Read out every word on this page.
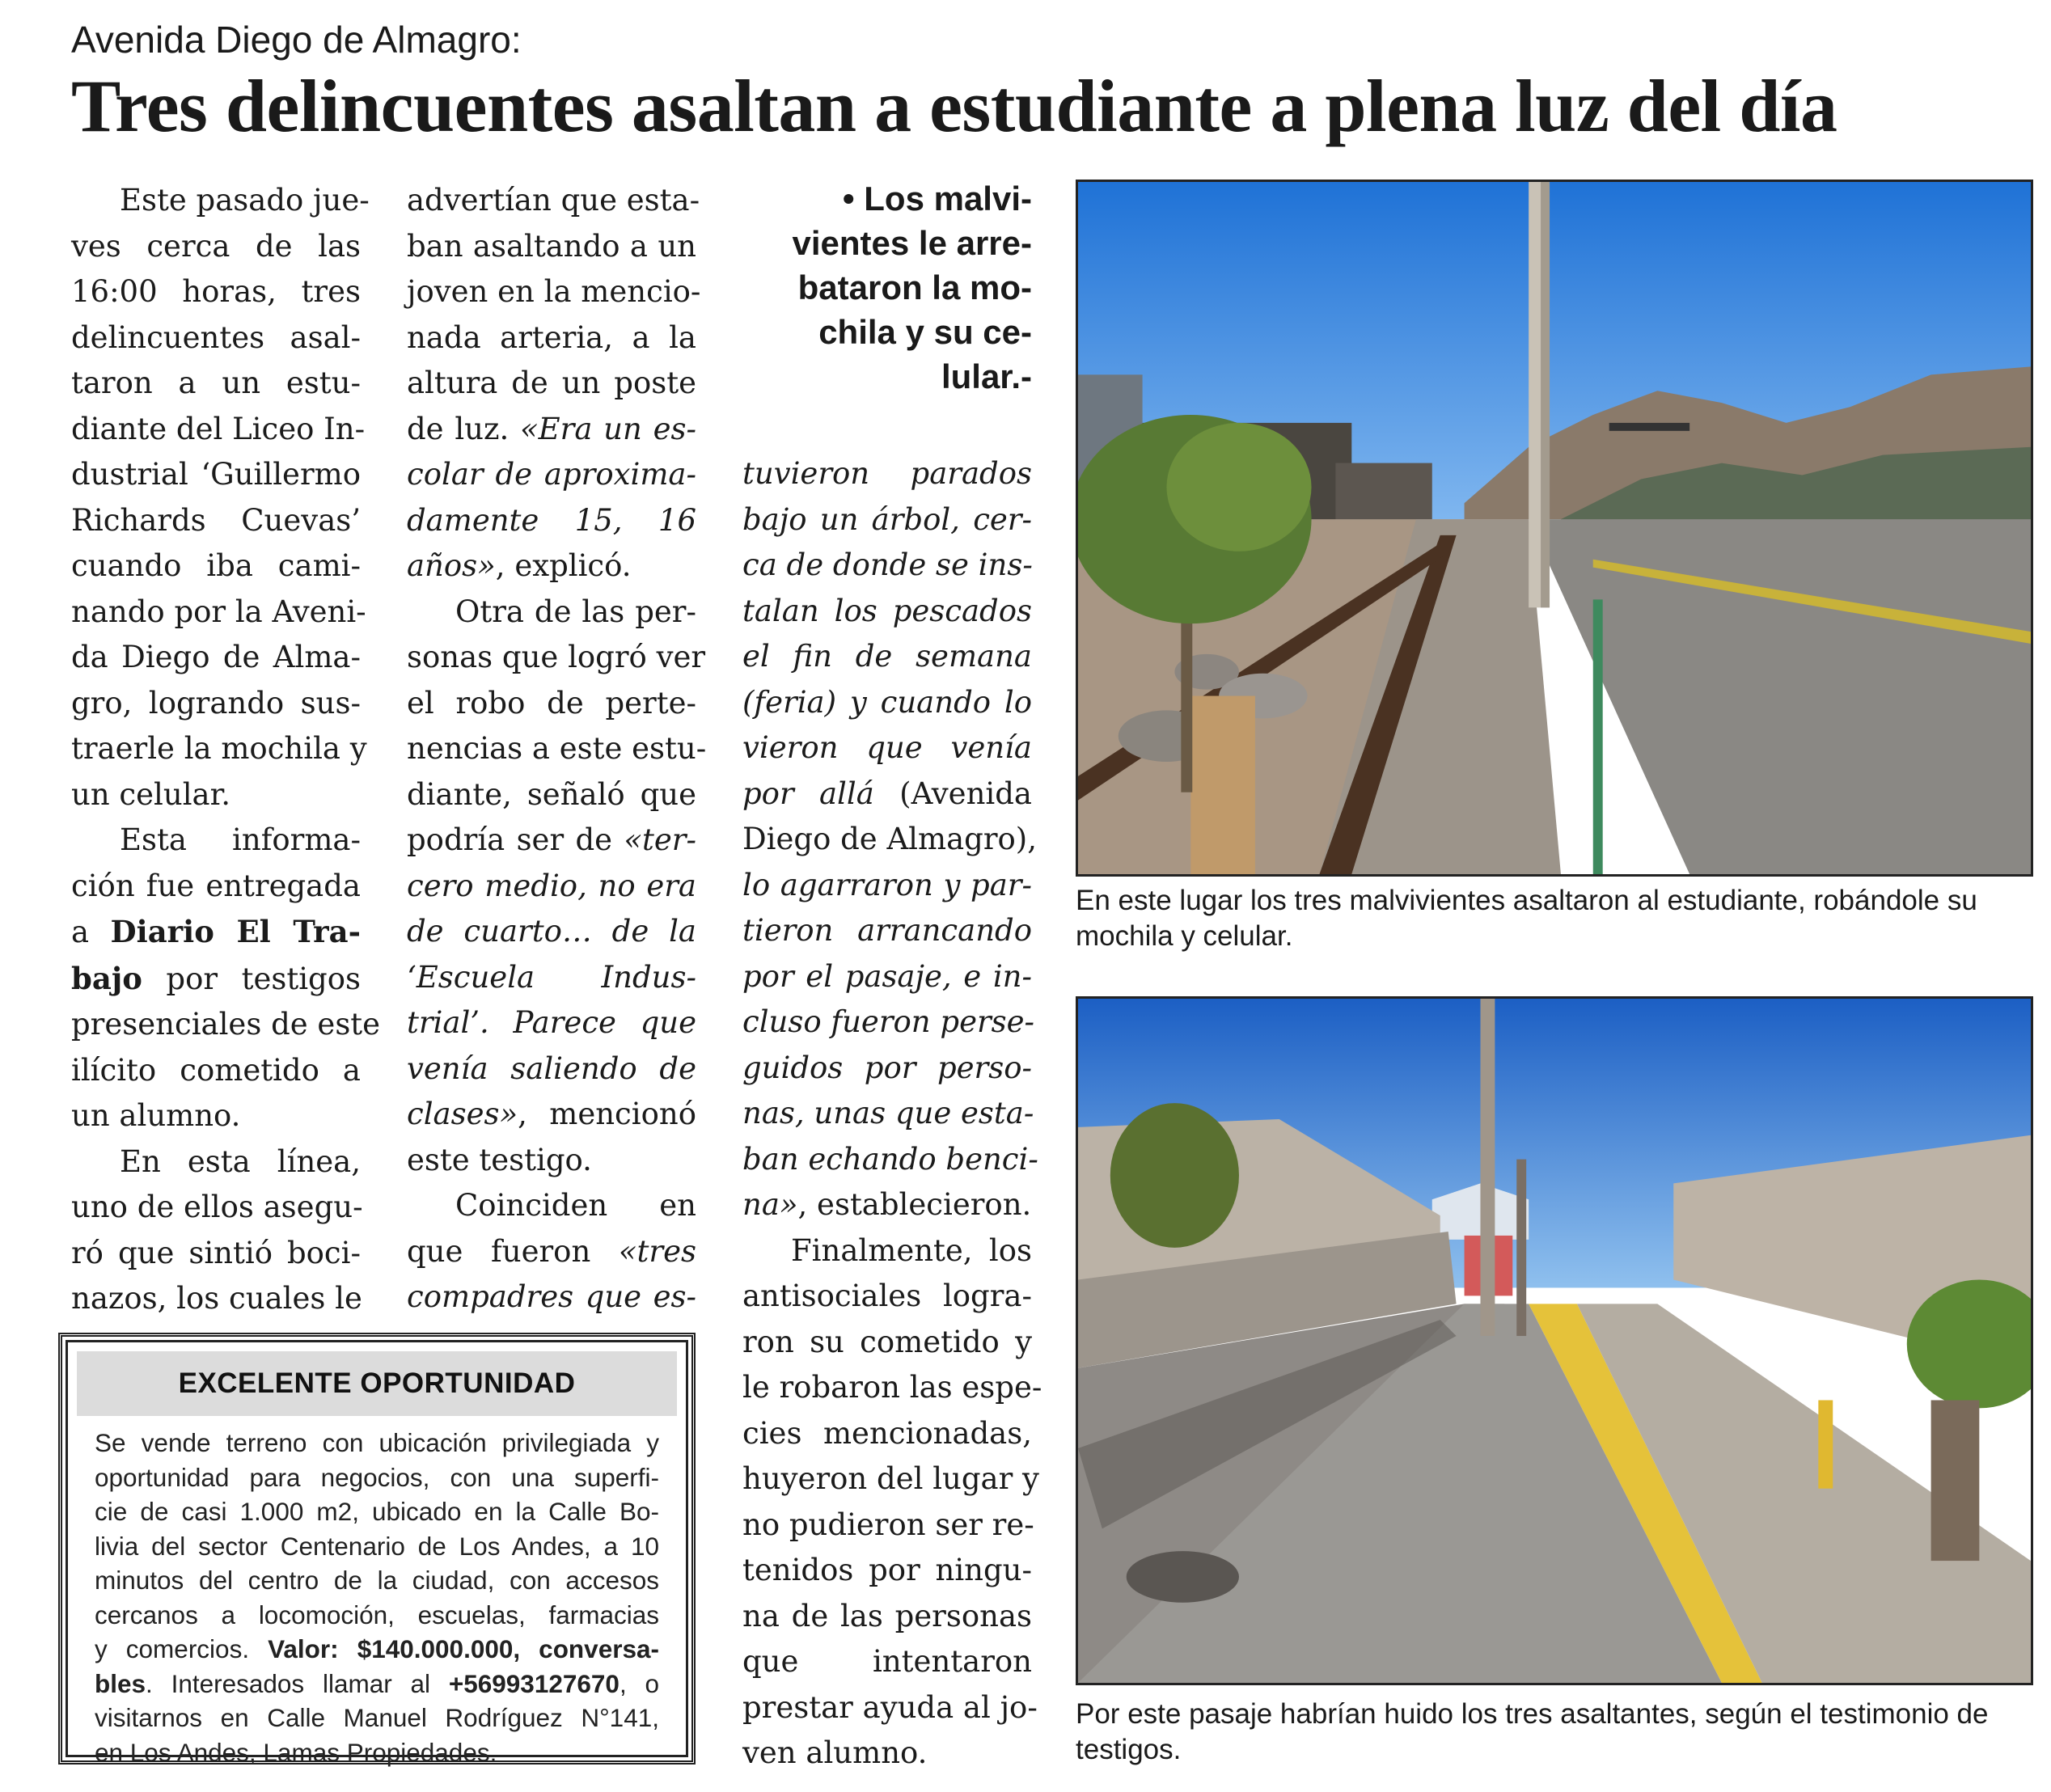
Avenida Diego de Almagro:
Tres delincuentes asaltan a estudiante a plena luz del día
Este pasado jue-
ves cerca de las
16:00 horas, tres
delincuentes asal-
taron a un estu-
diante del Liceo In-
dustrial ‘Guillermo
Richards Cuevas’
cuando iba cami-
nando por la Aveni-
da Diego de Alma-
gro, logrando sus-
traerle la mochila y
un celular.
Esta informa-
ción fue entregada
a Diario El Tra-
bajo por testigos
presenciales de este
ilícito cometido a
un alumno.
En esta línea,
uno de ellos asegu-
ró que sintió boci-
nazos, los cuales le
advertían que esta-
ban asaltando a un
joven en la mencio-
nada arteria, a la
altura de un poste
de luz. «Era un es-
colar de aproxima-
damente 15, 16
años», explicó.
Otra de las per-
sonas que logró ver
el robo de perte-
nencias a este estu-
diante, señaló que
podría ser de «ter-
cero medio, no era
de cuarto… de la
‘Escuela Indus-
trial’. Parece que
venía saliendo de
clases», mencionó
este testigo.
Coinciden en
que fueron «tres
compadres que es-
• Los malvi-
vientes le arre-
bataron la mo-
chila y su ce-
lular.-
tuvieron parados
bajo un árbol, cer-
ca de donde se ins-
talan los pescados
el fin de semana
(feria) y cuando lo
vieron que venía
por allá (Avenida
Diego de Almagro),
lo agarraron y par-
tieron arrancando
por el pasaje, e in-
cluso fueron perse-
guidos por perso-
nas, unas que esta-
ban echando benci-
na», establecieron.
Finalmente, los
antisociales logra-
ron su cometido y
le robaron las espe-
cies mencionadas,
huyeron del lugar y
no pudieron ser re-
tenidos por ningu-
na de las personas
que intentaron
prestar ayuda al jo-
ven alumno.
En este lugar los tres malvivientes asaltaron al estudiante, robándole su mochila y celular.
Por este pasaje habrían huido los tres asaltantes, según el testimonio de testigos.
EXCELENTE OPORTUNIDAD
Se vende terreno con ubicación privilegiada y
oportunidad para negocios, con una superfi-
cie de casi 1.000 m2, ubicado en la Calle Bo-
livia del sector Centenario de Los Andes, a 10
minutos del centro de la ciudad, con accesos
cercanos a locomoción, escuelas, farmacias
y comercios. Valor: $140.000.000, conversa-
bles. Interesados llamar al +56993127670, o
visitarnos en Calle Manuel Rodríguez N°141,
en Los Andes, Lamas Propiedades.
